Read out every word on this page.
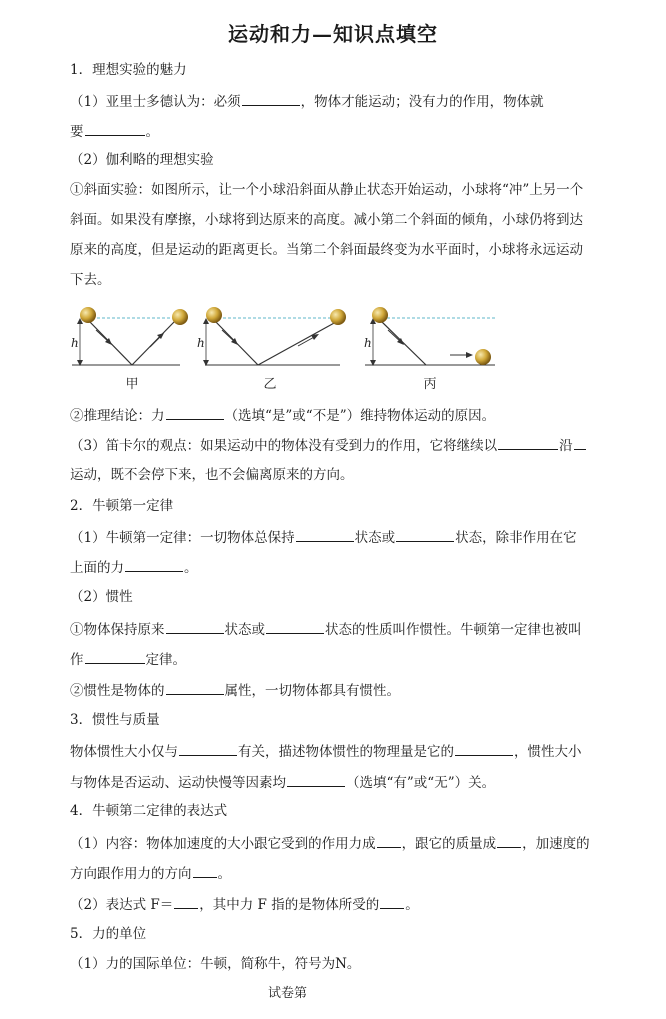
运动和力—知识点填空
1．理想实验的魅力
（1）亚里士多德认为：必须	，物体才能运动；没有力的作用，物体就
要	。
（2）伽利略的理想实验
①斜面实验：如图所示，让一个小球沿斜面从静止状态开始运动，小球将“冲”上另一个
斜面。如果没有摩擦，小球将到达原来的高度。减小第二个斜面的倾角，小球仍将到达
原来的高度，但是运动的距离更长。当第二个斜面最终变为水平面时，小球将永远运动
下去。
h	h	h
甲	乙	丙
②推理结论：力	（选填“是”或“不是”）维持物体运动的原因。
（3）笛卡尔的观点：如果运动中的物体没有受到力的作用，它将继续以	沿
运动，既不会停下来，也不会偏离原来的方向。
2．牛顿第一定律
（1）牛顿第一定律：一切物体总保持	状态或	状态，除非作用在它
上面的力	。
（2）惯性
①物体保持原来	状态或	状态的性质叫作惯性。牛顿第一定律也被叫
作	定律。
②惯性是物体的	属性，一切物体都具有惯性。
3．惯性与质量
物体惯性大小仅与	有关，描述物体惯性的物理量是它的	，惯性大小
与物体是否运动、运动快慢等因素均	（选填“有”或“无”）关。
4．牛顿第二定律的表达式
（1）内容：物体加速度的大小跟它受到的作用力成 ，跟它的质量成 ，加速度的
方向跟作用力的方向 。
（2）表达式 F＝ ，其中力 F 指的是物体所受的 。
5．力的单位
（1）力的国际单位：牛顿，简称牛，符号为N。
试卷第
